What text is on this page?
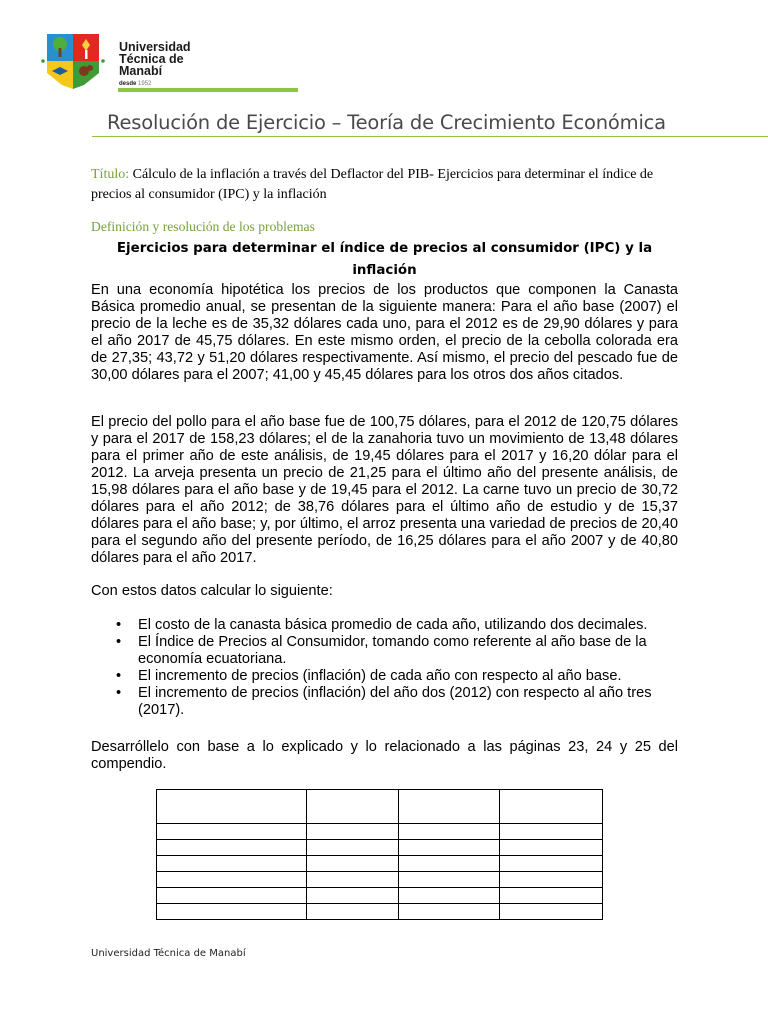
Universidad
Técnica de
Manabí
desde 1952
Resolución de Ejercicio – Teoría de Crecimiento Económica
Título: Cálculo de la inflación a través del Deflactor del PIB- Ejercicios para determinar el índice de precios al consumidor (IPC) y la inflación
Definición y resolución de los problemas
Ejercicios para determinar el índice de precios al consumidor (IPC) y la inflación
En una economía hipotética los precios de los productos que componen la Canasta Básica promedio anual, se presentan de la siguiente manera: Para el año base (2007) el precio de la leche es de 35,32 dólares cada uno, para el 2012 es de 29,90 dólares y para el año 2017 de 45,75 dólares. En este mismo orden, el precio de la cebolla colorada era de 27,35; 43,72 y 51,20 dólares respectivamente. Así mismo, el precio del pescado fue de 30,00 dólares para el 2007; 41,00 y 45,45 dólares para los otros dos años citados.
El precio del pollo para el año base fue de 100,75 dólares, para el 2012 de 120,75 dólares y para el 2017 de 158,23 dólares; el de la zanahoria tuvo un movimiento de 13,48 dólares para el primer año de este análisis, de 19,45 dólares para el 2017 y 16,20 dólar para el 2012. La arveja presenta un precio de 21,25 para el último año del presente análisis, de 15,98 dólares para el año base y de 19,45 para el 2012. La carne tuvo un precio de 30,72 dólares para el año 2012; de 38,76 dólares para el último año de estudio y de 15,37 dólares para el año base; y, por último, el arroz presenta una variedad de precios de 20,40 para el segundo año del presente período, de 16,25 dólares para el año 2007 y de 40,80 dólares para el año 2017.
Con estos datos calcular lo siguiente:
• El costo de la canasta básica promedio de cada año, utilizando dos decimales.
• El Índice de Precios al Consumidor, tomando como referente al año base de la economía ecuatoriana.
• El incremento de precios (inflación) de cada año con respecto al año base.
• El incremento de precios (inflación) del año dos (2012) con respecto al año tres (2017).
Desarróllelo con base a lo explicado y lo relacionado a las páginas 23, 24 y 25 del compendio.

Universidad Técnica de Manabí
